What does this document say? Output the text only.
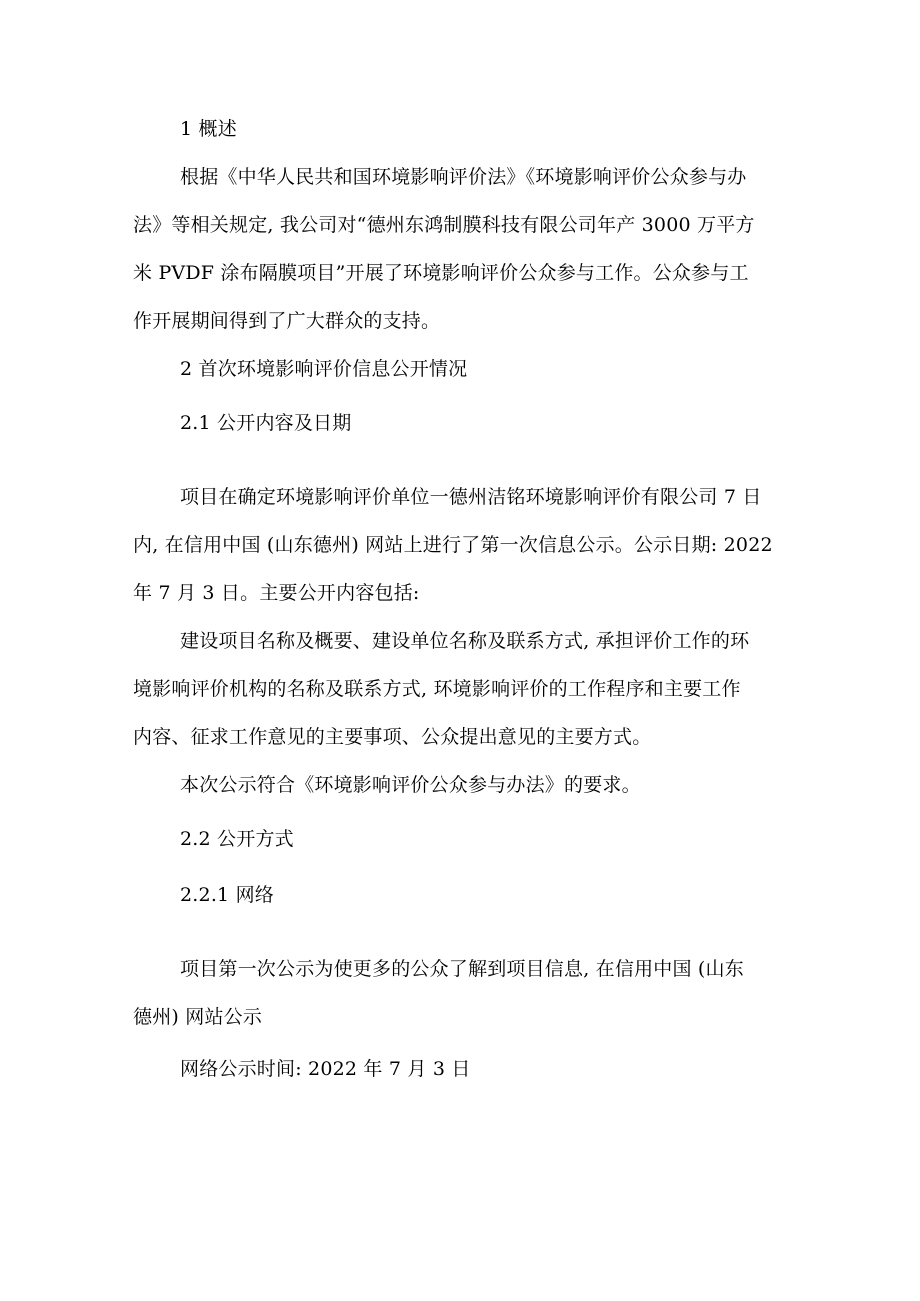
1 概述
根据《中华人民共和国环境影响评价法》《环境影响评价公众参与办
法》等相关规定, 我公司对“德州东鸿制膜科技有限公司年产 3000 万平方
米 PVDF 涂布隔膜项目”开展了环境影响评价公众参与工作。公众参与工
作开展期间得到了广大群众的支持。
2 首次环境影响评价信息公开情况
2.1 公开内容及日期
项目在确定环境影响评价单位一德州洁铭环境影响评价有限公司 7 日
内, 在信用中国 (山东德州) 网站上进行了第一次信息公示。公示日期: 2022
年 7 月 3 日。主要公开内容包括:
建设项目名称及概要、建设单位名称及联系方式, 承担评价工作的环
境影响评价机构的名称及联系方式, 环境影响评价的工作程序和主要工作
内容、征求工作意见的主要事项、公众提出意见的主要方式。
本次公示符合《环境影响评价公众参与办法》的要求。
2.2 公开方式
2.2.1 网络
项目第一次公示为使更多的公众了解到项目信息, 在信用中国 (山东
德州) 网站公示
网络公示时间: 2022 年 7 月 3 日
